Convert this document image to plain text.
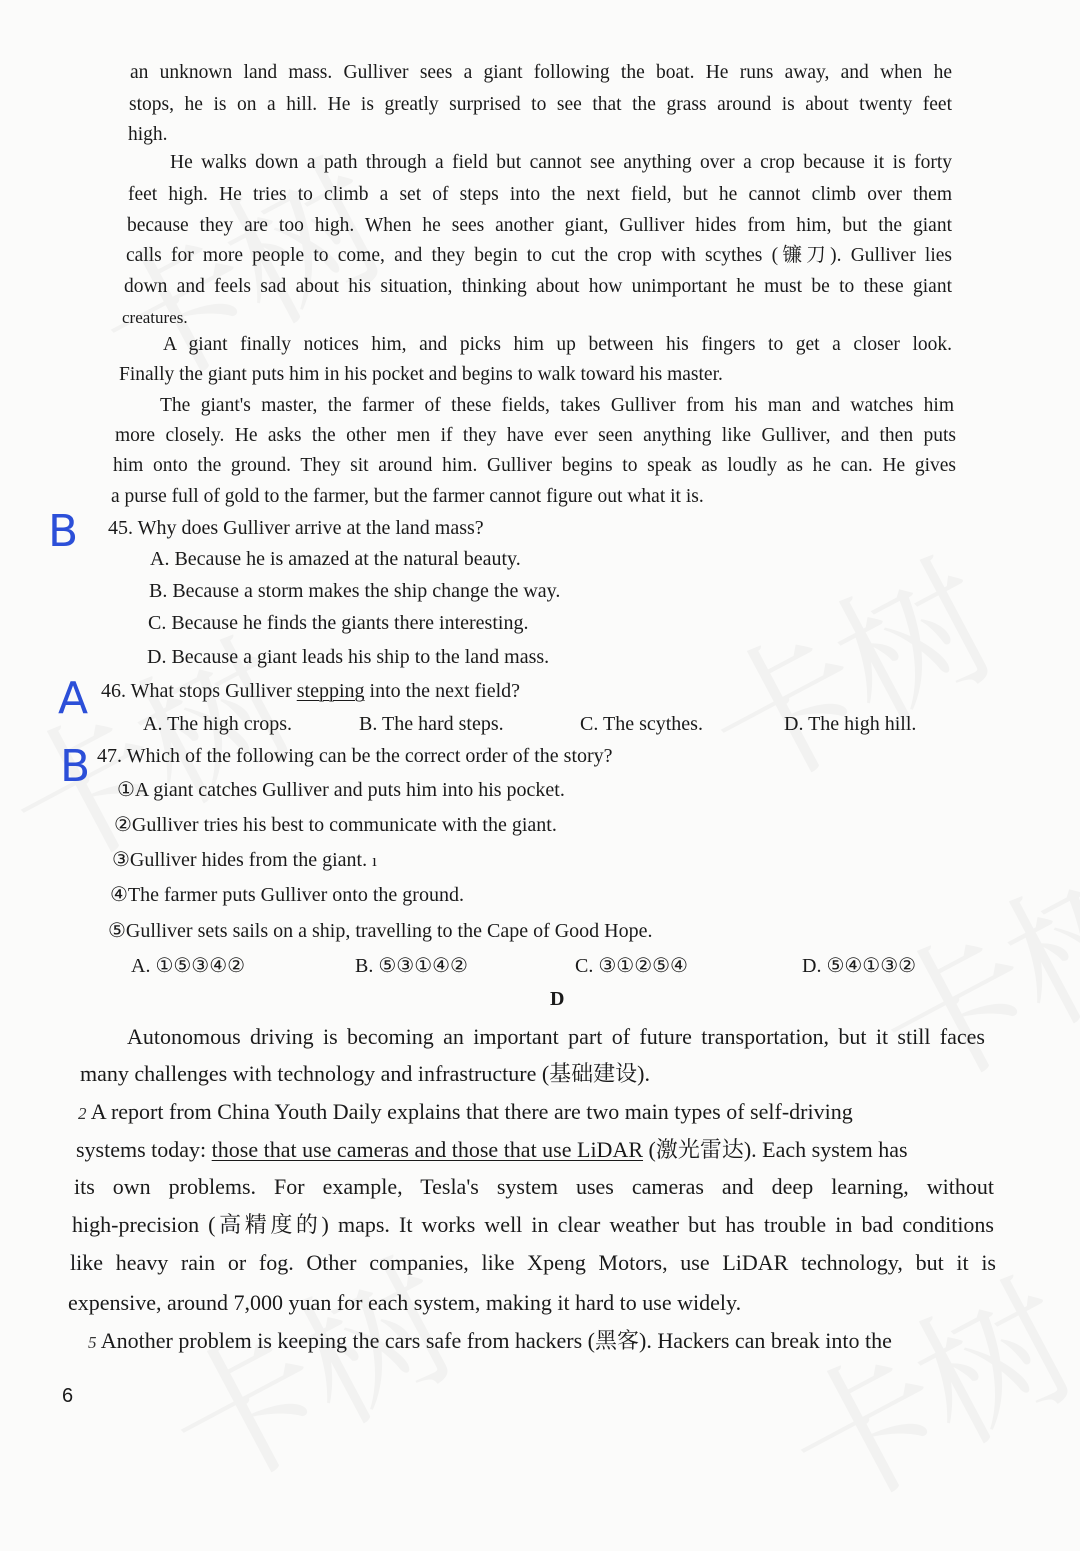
an unknown land mass. Gulliver sees a giant following the boat. He runs away, and when he
stops, he is on a hill. He is greatly surprised to see that the grass around is about twenty feet
high.
He walks down a path through a field but cannot see anything over a crop because it is forty
feet high. He tries to climb a set of steps into the next field, but he cannot climb over them
because they are too high. When he sees another giant, Gulliver hides from him, but the giant
calls for more people to come, and they begin to cut the crop with scythes (镰刀). Gulliver lies
down and feels sad about his situation, thinking about how unimportant he must be to these giant
creatures.
A giant finally notices him, and picks him up between his fingers to get a closer look.
Finally the giant puts him in his pocket and begins to walk toward his master.
The giant's master, the farmer of these fields, takes Gulliver from his man and watches him
more closely. He asks the other men if they have ever seen anything like Gulliver, and then puts
him onto the ground. They sit around him. Gulliver begins to speak as loudly as he can. He gives
a purse full of gold to the farmer, but the farmer cannot figure out what it is.
B 45. Why does Gulliver arrive at the land mass?
A. Because he is amazed at the natural beauty.
B. Because a storm makes the ship change the way.
C. Because he finds the giants there interesting.
D. Because a giant leads his ship to the land mass.
A 46. What stops Gulliver stepping into the next field?
A. The high crops.	B. The hard steps.	C. The scythes.	D. The high hill.
B 47. Which of the following can be the correct order of the story?
①A giant catches Gulliver and puts him into his pocket.
②Gulliver tries his best to communicate with the giant.
③Gulliver hides from the giant. ı
④The farmer puts Gulliver onto the ground.
⑤Gulliver sets sails on a ship, travelling to the Cape of Good Hope.
A. ①⑤③④②	B. ⑤③①④②	C. ③①②⑤④	D. ⑤④①③②
D
Autonomous driving is becoming an important part of future transportation, but it still faces
many challenges with technology and infrastructure (基础建设).
2 A report from China Youth Daily explains that there are two main types of self-driving
systems today: those that use cameras and those that use LiDAR (激光雷达). Each system has
its own problems. For example, Tesla's system uses cameras and deep learning, without
high-precision (高精度的) maps. It works well in clear weather but has trouble in bad conditions
like heavy rain or fog. Other companies, like Xpeng Motors, use LiDAR technology, but it is
expensive, around 7,000 yuan for each system, making it hard to use widely.
5 Another problem is keeping the cars safe from hackers (黑客). Hackers can break into the
6
